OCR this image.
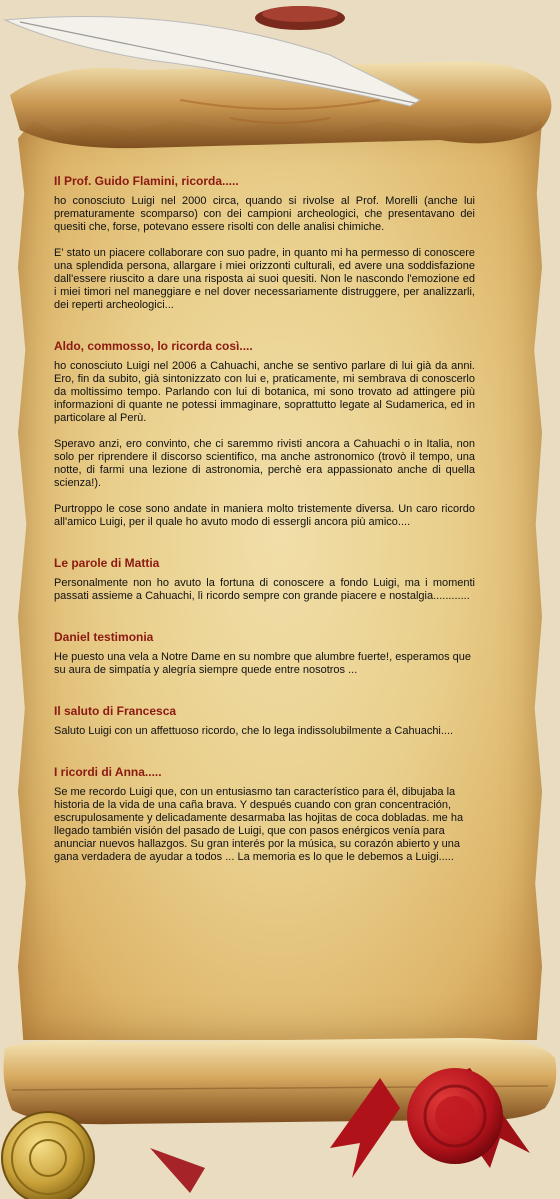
Il Prof. Guido Flamini, ricorda.....

ho conosciuto Luigi nel 2000 circa, quando si rivolse al Prof. Morelli (anche lui prematuramente scomparso) con dei campioni archeologici, che presentavano dei quesiti che, forse, potevano essere risolti con delle analisi chimiche.

E' stato un piacere collaborare con suo padre, in quanto mi ha permesso di conoscere una splendida persona, allargare i miei orizzonti culturali, ed avere una soddisfazione dall'essere riuscito a dare una risposta ai suoi quesiti. Non le nascondo l'emozione ed i miei timori nel maneggiare e nel dover necessariamente distruggere, per analizzarli, dei reperti archeologici...

Aldo, commosso, lo ricorda così....

ho conosciuto Luigi nel 2006 a Cahuachi, anche se sentivo parlare di lui già da anni. Ero, fin da subito, già sintonizzato con lui e, praticamente, mi sembrava di conoscerlo da moltissimo tempo. Parlando con lui di botanica, mi sono trovato ad attingere più informazioni di quante ne potessi immaginare, soprattutto legate al Sudamerica, ed in particolare al Perù.

Speravo anzi, ero convinto, che ci saremmo rivisti ancora a Cahuachi o in Italia, non solo per riprendere il discorso scientifico, ma anche astronomico (trovò il tempo, una notte, di farmi una lezione di astronomia, perchè era appassionato anche di quella scienza!).

Purtroppo le cose sono andate in maniera molto tristemente diversa. Un caro ricordo all'amico Luigi, per il quale ho avuto modo di essergli ancora più amico....

Le parole di Mattia

Personalmente non ho avuto la fortuna di conoscere a fondo Luigi, ma i momenti passati assieme a Cahuachi, lì ricordo sempre con grande piacere e nostalgia............

Daniel testimonia

He puesto una vela a Notre Dame en su nombre que alumbre fuerte!, esperamos que su aura de simpatía y alegría siempre quede entre nosotros ...

Il saluto di Francesca

Saluto Luigi con un affettuoso ricordo, che lo lega indissolubilmente a Cahuachi....

I ricordi di Anna.....

Se me recordo Luigi que, con un entusiasmo tan característico para él, dibujaba la historia de la vida de una caña brava. Y después cuando con gran concentración, escrupulosamente y delicadamente desarmaba las hojitas de coca dobladas. me ha llegado también visión del pasado de Luigi, que con pasos enérgicos venía para anunciar nuevos hallazgos. Su gran interés por la música, su corazón abierto y una gana verdadera de ayudar a todos ... La memoria es lo que le debemos a Luigi.....
